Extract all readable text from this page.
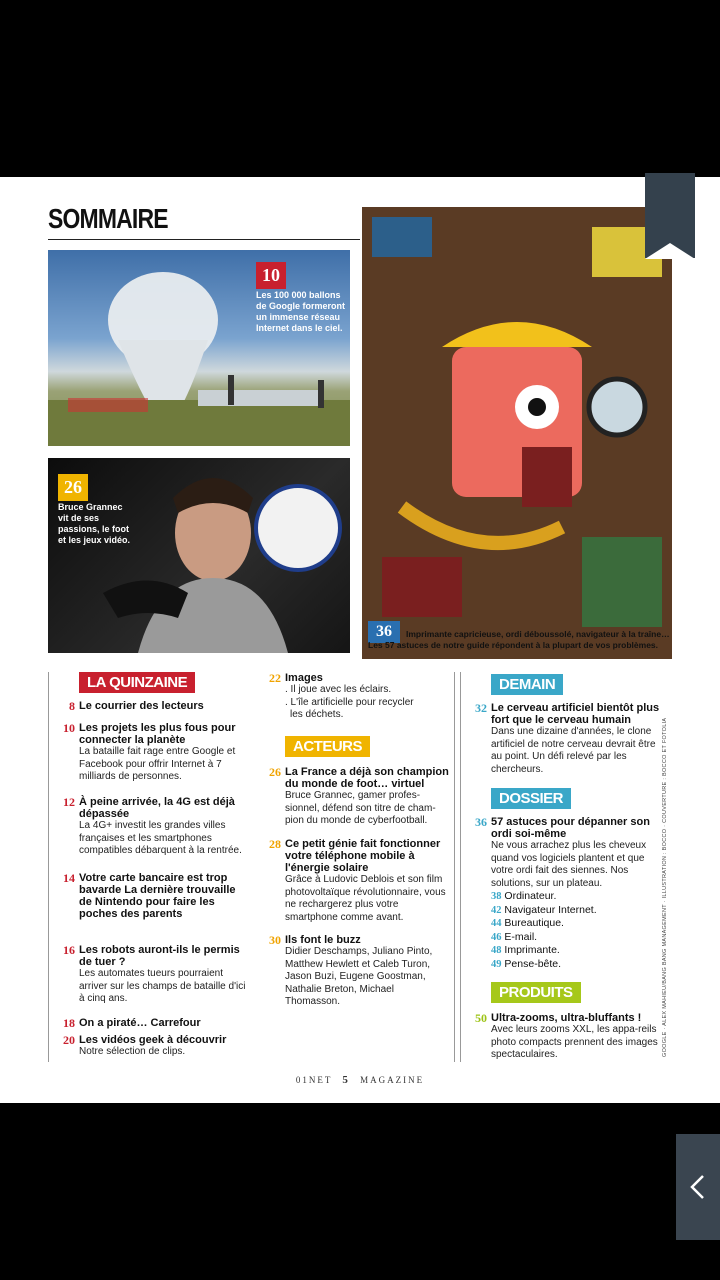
SOMMAIRE
10
Les 100 000 ballons
de Google formeront
un immense réseau
Internet dans le ciel.
26
Bruce Grannec
vit de ses
passions, le foot
et les jeux vidéo.
36	Imprimante capricieuse, ordi déboussolé, navigateur à la traîne…
Les 57 astuces de notre guide répondent à la plupart de vos problèmes.
LA QUINZAINE
8 Le courrier des lecteurs
10 Les projets les plus fous pour connecter la planète
La bataille fait rage entre Google et Facebook pour offrir Internet à 7 milliards de personnes.
12 À peine arrivée, la 4G est déjà dépassée
La 4G+ investit les grandes villes françaises et les smartphones compatibles débarquent à la rentrée.
14 Votre carte bancaire est trop bavarde La dernière trouvaille de Nintendo pour faire les poches des parents
16 Les robots auront-ils le permis de tuer ?
Les automates tueurs pourraient arriver sur les champs de bataille d'ici à cinq ans.
18 On a piraté… Carrefour
20 Les vidéos geek à découvrir
Notre sélection de clips.
22 Images
. Il joue avec les éclairs.
. L'île artificielle pour recycler
les déchets.
ACTEURS
26 La France a déjà son champion du monde de foot… virtuel
Bruce Grannec, gamer profes-sionnel, défend son titre de cham-pion du monde de cyberfootball.
28 Ce petit génie fait fonctionner votre téléphone mobile à l'énergie solaire
Grâce à Ludovic Deblois et son film photovoltaïque révolutionnaire, vous ne rechargerez plus votre smartphone comme avant.
30 Ils font le buzz
Didier Deschamps, Juliano Pinto, Matthew Hewlett et Caleb Turon, Jason Buzi, Eugene Goostman, Nathalie Breton, Michael Thomasson.
DEMAIN
32 Le cerveau artificiel bientôt plus fort que le cerveau humain
Dans une dizaine d'années, le clone artificiel de notre cerveau devrait être au point. Un défi relevé par les chercheurs.
DOSSIER
36 57 astuces pour dépanner son ordi soi-même
Ne vous arrachez plus les cheveux quand vos logiciels plantent et que votre ordi fait des siennes. Nos solutions, sur un plateau.
38 Ordinateur.
42 Navigateur Internet.
44 Bureautique.
46 E-mail.
48 Imprimante.
49 Pense-bête.
PRODUITS
50 Ultra-zooms, ultra-bluffants !
Avec leurs zooms XXL, les appa-reils photo compacts prennent des images spectaculaires.	GOOGLE · ALEX MAHIEU/BANG BANG MANAGEMENT · ILLUSTRATION : BOCCO · COUVERTURE : BOCCO ET FOTOLIA
01NET 5 MAGAZINE
